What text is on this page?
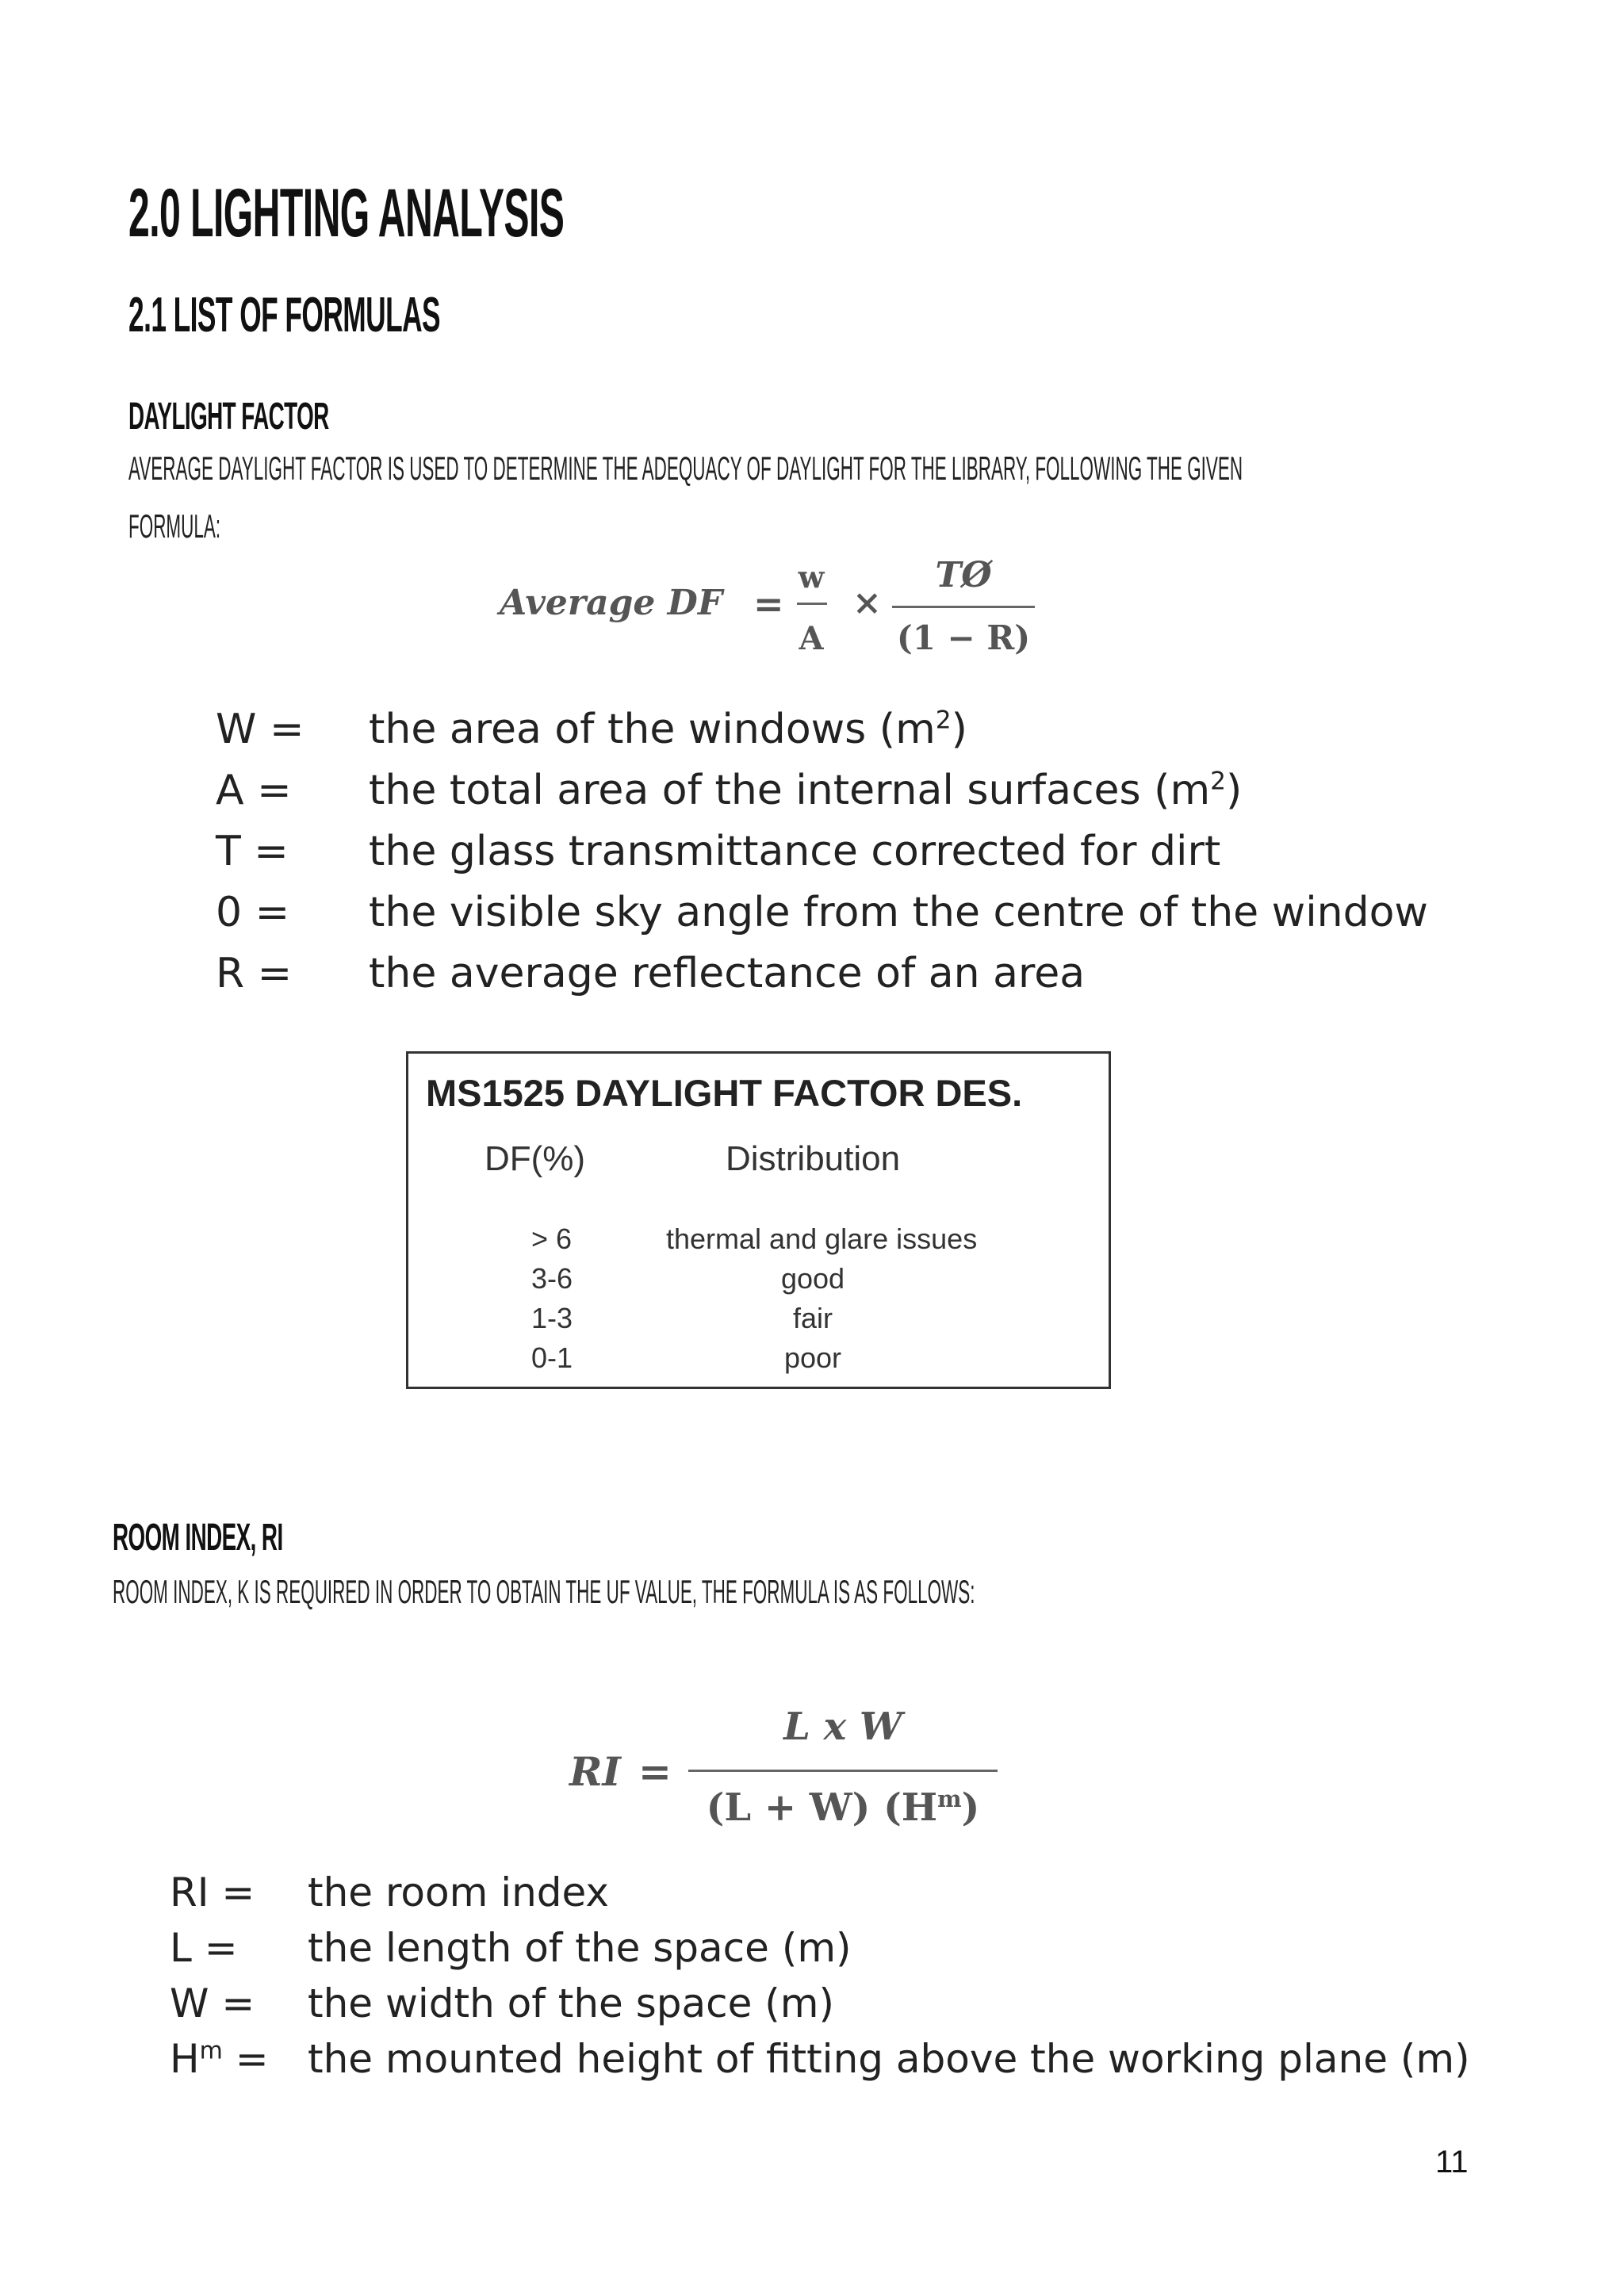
2.0 LIGHTING ANALYSIS
2.1 LIST OF FORMULAS
DAYLIGHT FACTOR
AVERAGE DAYLIGHT FACTOR IS USED TO DETERMINE THE ADEQUACY OF DAYLIGHT FOR THE LIBRARY, FOLLOWING THE GIVEN
FORMULA:
Average DF =
w
A
×
TØ
(1 − R)
W = the area of the windows $(m^2)$
A = the total area of the internal surfaces $(m^2)$
T = the glass transmittance corrected for dirt
0 = the visible sky angle from the centre of the window
R = the average reflectance of an area
MS1525 DAYLIGHT FACTOR DES.
DF(%)	Distribution
> 6	thermal and glare issues
3-6	good
1-3	fair
0-1	poor
ROOM INDEX, RI
ROOM INDEX, K IS REQUIRED IN ORDER TO OBTAIN THE UF VALUE, THE FORMULA IS AS FOLLOWS:
RI =
L x W
(L + W) $(H^m)$
RI = the room index
L = the length of the space (m)
W = the width of the space (m)
$H^m$ = the mounted height of fitting above the working plane (m)
11
